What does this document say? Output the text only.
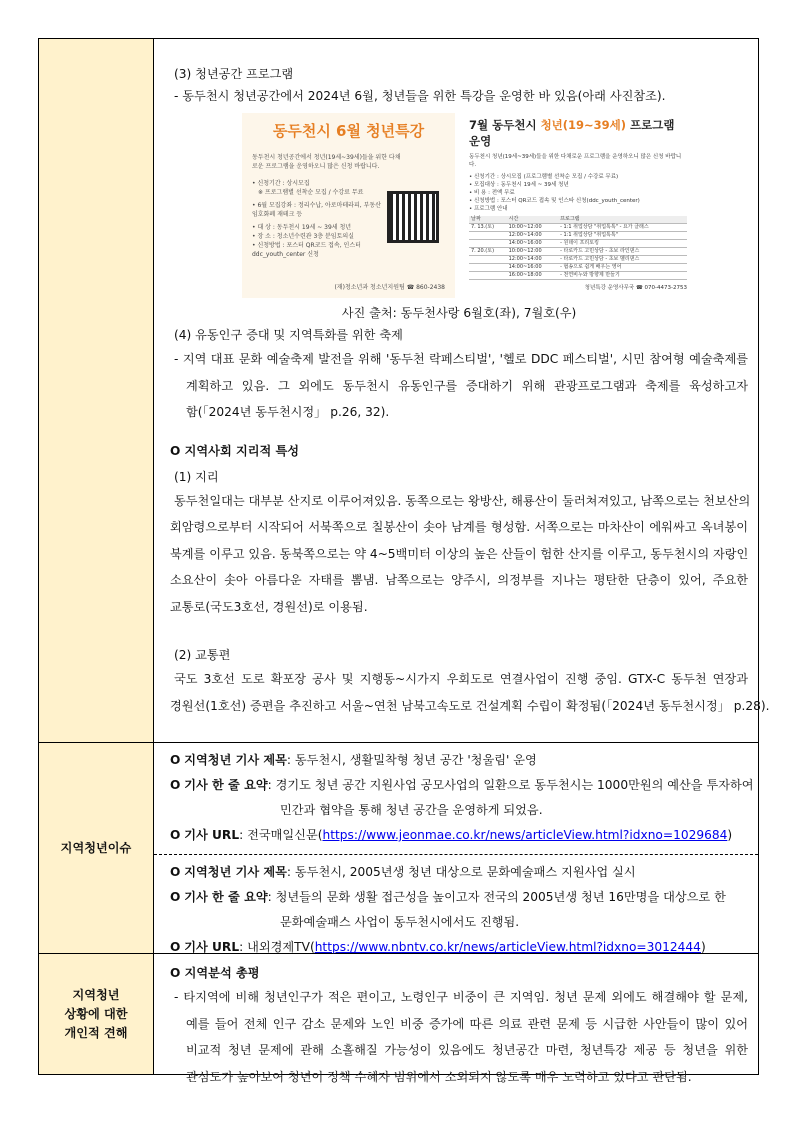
(3) 청년공간 프로그램
- 동두천시 청년공간에서 2024년 6월, 청년들을 위한 특강을 운영한 바 있음(아래 사진참조).
동두천시 6월 청년특강
동두천시 청년공간에서 청년(19세~39세)들을 위한 다채로운 프로그램을 운영하오니 많은 신청 바랍니다.
• 신청기간 : 상시모집
※ 프로그램별 선착순 모집 / 수강료 무료
• 6월 모집강좌 : 정리수납, 아로마테라피, 부동산 임호화폐 재테크 등
• 대 상 : 동두천시 19세 ~ 39세 청년
• 장 소 : 청소년수련관 3층 분임토의실
• 신청방법 : 포스터 QR코드 접속, 인스터 ddc_youth_center 신청
(재)청소년과 청소년지원팀 ☎ 860-2438
7월 동두천시 청년(19~39세) 프로그램 운영
동두천시 청년(19세~39세)들을 위한 다채로운 프로그램을 운영하오니 많은 신청 바랍니다.
• 신청기간 : 상시모집 (프로그램별 선착순 모집 / 수강료 무료)
• 모집대상 : 동두천시 19세 ~ 39세 청년
• 비 용 : 전액 무료
• 신청방법 : 포스터 QR코드 접속 및 인스타 신청(ddc_youth_center)
• 프로그램 안내
날짜	시간	프로그램
7. 13.(토)	10:00~12:00	- 1:1 취업상담 "취업톡톡" - 요가 클래스
	12:00~14:00	- 1:1 취업상담 "취업톡톡"
	14:00~16:00	- 원데이 프리토킹
7. 20.(토)	10:00~12:00	- 타로카드 고민상담 - 초보 라인댄스
	12:00~14:00	- 타로카드 고민상담 - 초보 벨리댄스
	14:00~16:00	- 협송으로 쉽게 배우는 영어
	16:00~18:00	- 천연비누와 방향제 만들기
청년특강 운영사무국 ☎ 070-4473-2753
사진 출처: 동두천사랑 6월호(좌), 7월호(우)
(4) 유동인구 증대 및 지역특화를 위한 축제
- 지역 대표 문화 예술축제 발전을 위해 '동두천 락페스티벌', '헬로 DDC 페스티벌', 시민 참여형 예술축제를
계획하고 있음. 그 외에도 동두천시 유동인구를 증대하기 위해 관광프로그램과 축제를 육성하고자
함(「2024년 동두천시정」 p.26, 32).
O 지역사회 지리적 특성
(1) 지리
동두천일대는 대부분 산지로 이루어져있음. 동쪽으로는 왕방산, 해룡산이 둘러쳐져있고, 남쪽으로는 천보산의
회암령으로부터 시작되어 서북쪽으로 칠봉산이 솟아 남계를 형성함. 서쪽으로는 마차산이 에워싸고 옥녀봉이
북계를 이루고 있음. 동북쪽으로는 약 4~5백미터 이상의 높은 산들이 험한 산지를 이루고, 동두천시의 자랑인
소요산이 솟아 아름다운 자태를 뽐냄. 남쪽으로는 양주시, 의정부를 지나는 평탄한 단층이 있어, 주요한
교통로(국도3호선, 경원선)로 이용됨.
(2) 교통편
국도 3호선 도로 확포장 공사 및 지행동~시가지 우회도로 연결사업이 진행 중임. GTX-C 동두천 연장과
경원선(1호선) 증편을 추진하고 서울~연천 남북고속도로 건설계획 수립이 확정됨(「2024년 동두천시정」 p.28).

지역청년이슈	
O 지역청년 기사 제목: 동두천시, 생활밀착형 청년 공간 '청울림' 운영
O 기사 한 줄 요약: 경기도 청년 공간 지원사업 공모사업의 일환으로 동두천시는 1000만원의 예산을 투자하여
민간과 협약을 통해 청년 공간을 운영하게 되었음.
O 기사 URL: 전국매일신문(https://www.jeonmae.co.kr/news/articleView.html?idxno=1029684)
O 지역청년 기사 제목: 동두천시, 2005년생 청년 대상으로 문화예술패스 지원사업 실시
O 기사 한 줄 요약: 청년들의 문화 생활 접근성을 높이고자 전국의 2005년생 청년 16만명을 대상으로 한
문화예술패스 사업이 동두천시에서도 진행됨.
O 기사 URL: 내외경제TV(https://www.nbntv.co.kr/news/articleView.html?idxno=3012444)

지역청년
상황에 대한
개인적 견해

O 지역분석 총평
- 타지역에 비해 청년인구가 적은 편이고, 노령인구 비중이 큰 지역임. 청년 문제 외에도 해결해야 할 문제,
예를 들어 전체 인구 감소 문제와 노인 비중 증가에 따른 의료 관련 문제 등 시급한 사안들이 많이 있어
비교적 청년 문제에 관해 소홀해질 가능성이 있음에도 청년공간 마련, 청년특강 제공 등 청년을 위한
관심도가 높아보여 청년이 정책 수혜자 범위에서 소외되지 않도록 매우 노력하고 있다고 판단됨.
